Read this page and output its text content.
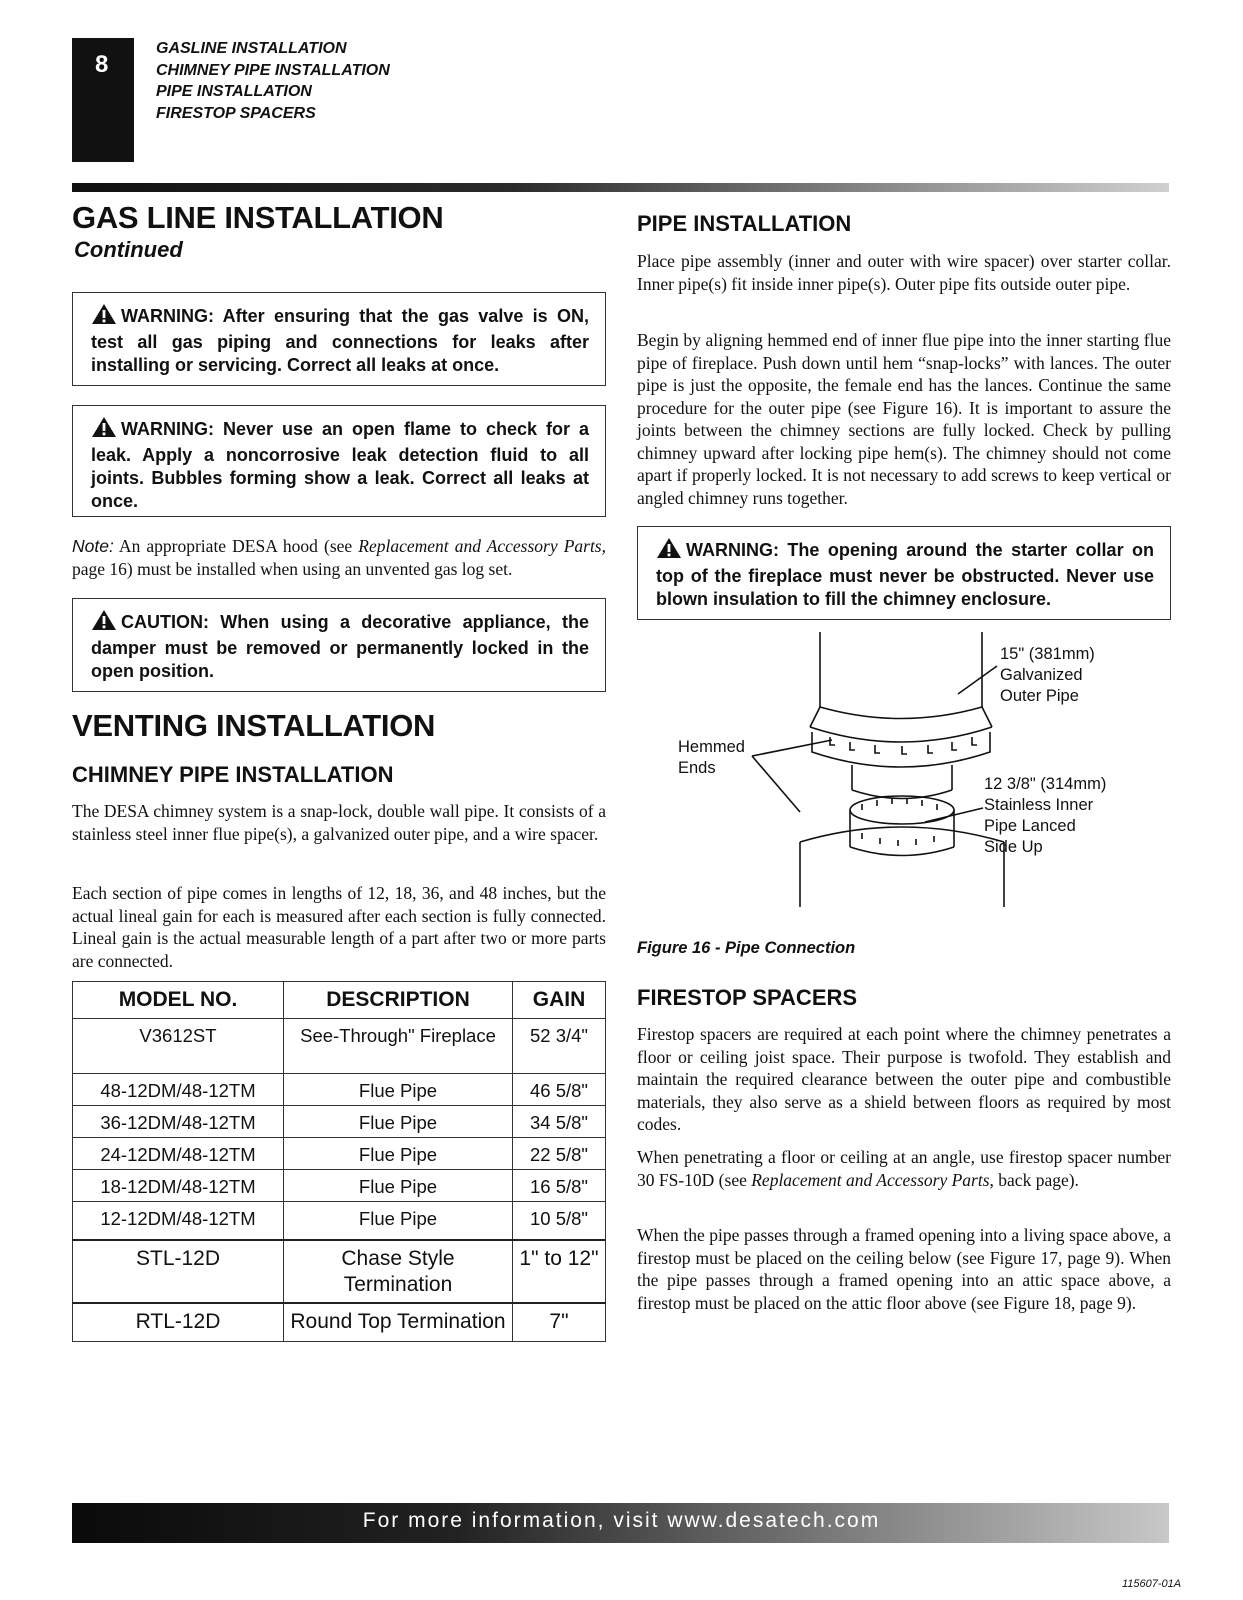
8
GASLINE INSTALLATION
CHIMNEY PIPE INSTALLATION
PIPE INSTALLATION
FIRESTOP SPACERS
GAS LINE INSTALLATION
Continued
WARNING: After ensuring that the gas valve is ON, test all gas piping and connections for leaks after installing or servicing. Correct all leaks at once.
WARNING: Never use an open flame to check for a leak. Apply a noncorrosive leak detection fluid to all joints. Bubbles forming show a leak. Correct all leaks at once.

Note: An appropriate DESA hood (see Replacement and Accessory Parts, page 16) must be installed when using an unvented gas log set.

CAUTION: When using a decorative appliance, the damper must be removed or permanently locked in the open position.
VENTING INSTALLATION
CHIMNEY PIPE INSTALLATION

The DESA chimney system is a snap-lock, double wall pipe. It consists of a stainless steel inner flue pipe(s), a galvanized outer pipe, and a wire spacer.

Each section of pipe comes in lengths of 12, 18, 36, and 48 inches, but the actual lineal gain for each is measured after each section is fully connected. Lineal gain is the actual measurable length of a part after two or more parts are connected.

MODEL NO.	DESCRIPTION	GAIN
V3612ST	See-Through" Fireplace	52 3/4"
48-12DM/48-12TM	Flue Pipe	46 5/8"
36-12DM/48-12TM	Flue Pipe	34 5/8"
24-12DM/48-12TM	Flue Pipe	22 5/8"
18-12DM/48-12TM	Flue Pipe	16 5/8"
12-12DM/48-12TM	Flue Pipe	10 5/8"
STL-12D	Chase Style Termination	1" to 12"
RTL-12D	Round Top Termination	7"
PIPE INSTALLATION

Place pipe assembly (inner and outer with wire spacer) over starter collar. Inner pipe(s) fit inside inner pipe(s). Outer pipe fits outside outer pipe.

Begin by aligning hemmed end of inner flue pipe into the inner starting flue pipe of fireplace. Push down until hem “snap-locks” with lances. The outer pipe is just the opposite, the female end has the lances. Continue the same procedure for the outer pipe (see Figure 16). It is important to assure the joints between the chimney sections are fully locked. Check by pulling chimney upward after locking pipe hem(s). The chimney should not come apart if properly locked. It is not necessary to add screws to keep vertical or angled chimney runs together.

WARNING: The opening around the starter collar on top of the fireplace must never be obstructed. Never use blown insulation to fill the chimney enclosure.
15" (381mm)
Galvanized
Outer Pipe
Hemmed
Ends
12 3/8" (314mm)
Stainless Inner
Pipe Lanced
Side Up
Figure 16 - Pipe Connection
FIRESTOP SPACERS

Firestop spacers are required at each point where the chimney penetrates a floor or ceiling joist space. Their purpose is twofold. They establish and maintain the required clearance between the outer pipe and combustible materials, they also serve as a shield between floors as required by most codes.

When penetrating a floor or ceiling at an angle, use firestop spacer number 30 FS-10D (see Replacement and Accessory Parts, back page).

When the pipe passes through a framed opening into a living space above, a firestop must be placed on the ceiling below (see Figure 17, page 9). When the pipe passes through a framed opening into an attic space above, a firestop must be placed on the attic floor above (see Figure 18, page 9).

For more information, visit www.desatech.com
115607-01A
